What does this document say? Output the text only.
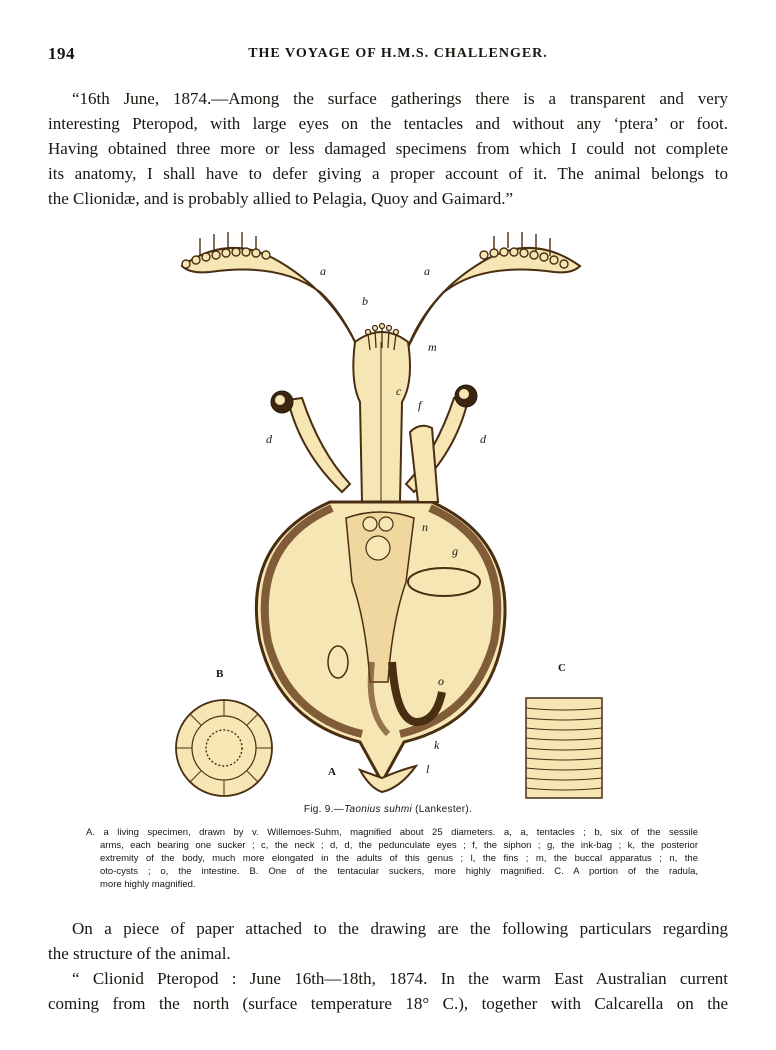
194	THE VOYAGE OF H.M.S. CHALLENGER.
“16th June, 1874.—Among the surface gatherings there is a transparent and very
interesting Pteropod, with large eyes on the tentacles and without any ‘ptera’ or foot.
Having obtained three more or less damaged specimens from which I could not complete
its anatomy, I shall have to defer giving a proper account of it. The animal belongs to
the Clionidæ, and is probably allied to Pelagia, Quoy and Gaimard.”
a	a
b
m
c
f
d	d
n
g
o
k
l
A
B	C
Fig. 9.—Taonius suhmi (Lankester).
A. a living specimen, drawn by v. Willemoes-Suhm, magnified about 25 diameters. a, a, tentacles ; b, six of the sessile
arms, each bearing one sucker ; c, the neck ; d, d, the pedunculate eyes ; f, the siphon ; g, the ink-bag ; k, the posterior
extremity of the body, much more elongated in the adults of this genus ; l, the fins ; m, the buccal apparatus ; n, the
oto-cysts ; o, the intestine. B. One of the tentacular suckers, more highly magnified. C. A portion of the radula,
more highly magnified.
On a piece of paper attached to the drawing are the following particulars regarding
the structure of the animal.
“ Clionid Pteropod : June 16th—18th, 1874. In the warm East Australian current
coming from the north (surface temperature 18° C.), together with Calcarella on the
